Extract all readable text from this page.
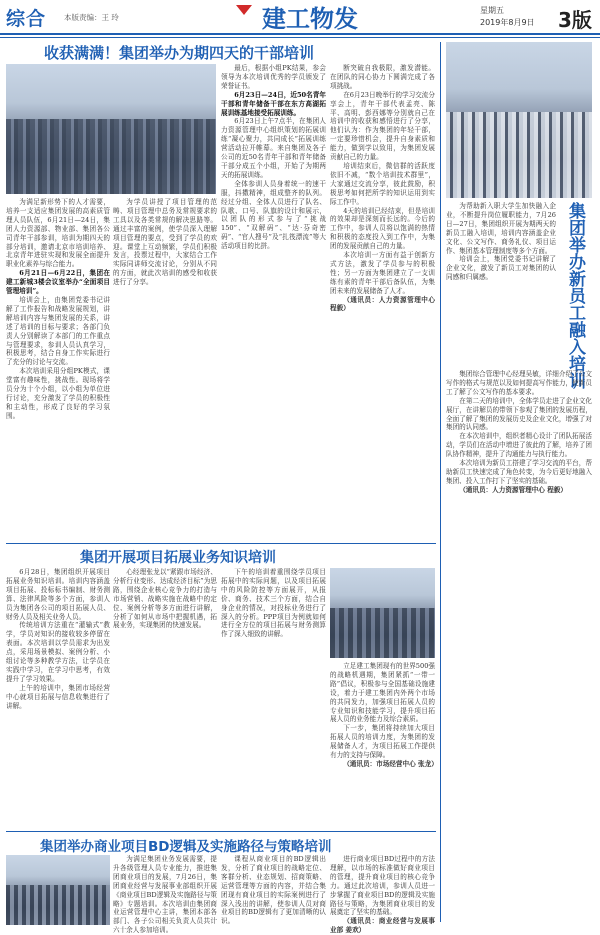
综合 本版责编：王 玲	建工物发	星期五
2019年8月9日 3版
收获满满！集团举办为期四天的干部培训

为满足新形势下的人才需要，培养一支适应集团发展的高素质管理人员队伍，6月21日—24日，集团人力资源部、物业部、集团各公司青年干部参训，培训为期四天的部分培训，邀请北京市培训培养、北京青年进驻实现和发展全面提升职业化素养与综合能力。

6月21日—6月22日，集团在建工新城3楼会议室举办“全面项目管理培训”。

培训会上，由集团党委书记讲解了工作报告和战略发展规划，讲解培训内容与集团发展的关系，讲述了培训的目标与要求；各部门负责人分别解读了本部门的工作重点与管理要求，参训人员认真学习，积极思考，结合自身工作实际进行了充分的讨论与交流。

本次培训采用分组PK模式，课堂富有趣味性，挑战性。现场将学员分为十个小组，以小组为单位进行讨论，充分激发了学员的积极性和主动性，形成了良好的学习氛围。

为学员讲授了项目管理的范畴、项目管理中总务及常规要求的工具以及各类常规的解决思路等。通过丰富的案例，使学员深入理解项目管理的要点，受到了学员的欢迎。课堂上互动频繁，学员们积极发言，投票过程中，大家结合工作实际同讲师交流讨论，分别从不同的方面，就此次培训的感受和收获进行了分享。

最后，根据小组PK结果，参会领导为本次培训优秀的学员颁发了荣誉证书。

6月23日—24日，近50名青年干部和青年储备干部在东方高湖拓展训练基地接受拓展训练。

6月23日上午7点半，在集团人力资源管理中心组织策划的拓展训练“凝心聚力，共同成长”拓展训练营活动拉开帷幕。来自集团及各子公司的近50名青年干部和青年储备干部分成五个小组，开始了为期两天的拓展训练。

全体参训人员身着统一的速干服，抖擞精神，组成整齐的队列。经过分组、全体人员进行了队名、队歌、口号、队旗的设计和展示，以团队的形式参与了“挑战150”、“双解码”、“达·芬奇密码”、“官人搜号”及“扎筏漂流”等大活动项目的比拼。

断突破自我极限，激发潜能。在团队的同心协力下圆满完成了各项挑战。

在6月23日晚举行的学习交流分享会上，青年干部代表孟亮、陈平、高明、彭西娜等分别就自己在培训中的收获和感悟进行了分享，他们认为：作为集团的年轻干部，一定要珍惜机会，提升自身素质和能力，做到学以致用，为集团发展贡献自己的力量。

培训结束后，微信群的活跃度依旧不减，“数个培训技术群里”，大家通过交流分享，彼此鼓励，积极思考如何把所学的知识运用到实际工作中。

4天的培训已经结束，但是培训的效果却是深刻而长远的。今后的工作中，参训人员将以饱满的热情和积极的态度投入到工作中，为集团的发展贡献自己的力量。

本次培训一方面有益于创新方式方法，激发了学员参与的积极性；另一方面为集团建立了一支训练有素的青年干部后备队伍，为集团未来的发展储备了人才。

（通讯员：人力资源管理中心 程毅）	集团举办新员工融入培训

为帮助新入职大学生加快融入企业，不断提升岗位履职能力，7月26日—27日，集团组织开展为期两天的新员工融入培训，培训内容涵盖企业文化、公文写作、商务礼仪、项目运作、集团基本管理制度等多个方面。

培训会上，集团党委书记讲解了企业文化，激发了新员工对集团的认同感和归属感。

集团综合管理中心经理吴敏，详细介绍了公文写作的格式与规范以及如何提高写作能力，使新员工了解了公文写作的基本要求。

在第二天的培训中，全体学员走进了企业文化展厅，在讲解员的带领下参观了集团的发展历程，全面了解了集团的发展历史及企业文化，增强了对集团的认同感。

在本次培训中，组织者精心设计了团队拓展活动，学员们在活动中增进了彼此的了解，培养了团队协作精神，提升了沟通能力与执行能力。

本次培训为新员工搭建了学习交流的平台，帮助新员工快速完成了角色转变，为今后更好地融入集团、投入工作打下了坚实的基础。

（通讯员：人力资源管理中心 程毅）

集团开展项目拓展业务知识培训

6月28日，集团组织开展项目拓展业务知识培训。培训内容涵盖项目拓展、投标标书编制、财务测算、法律风险等多个方面，参训人员为集团各公司的项目拓展人员、财务人员及相关业务人员。

传统培训方法重在“灌输式”教学，学员对知识的接收较多停留在表面。本次培训以学员需求为出发点，采用场景模拟、案例分析、小组讨论等多种教学方法，让学员在实践中学习，在学习中思考，有效提升了学习效果。

上午的培训中，集团市场经营中心就项目拓展与信息收集进行了讲解。

心经理张龙以“紧跟市场经济、分析行业变形、达成经济目标”为思路，围绕企业核心竞争力的打造与市场营销、战略实施在战略中的定位、案例分析等多方面进行讲解，分析了如何从市场中把握机遇，拓展业务，实现集团的快速发展。

下午的培训着重围绕学员项目拓展中的实际问题，以及项目拓展中的风险防控等方面展开，从报价、商务、技术三个方面，结合自身企业的情况，对投标业务进行了深入的分析。PPP项目为例就如何进行全方位的项目拓展与财务测算作了深入细致的讲解。

立足建工集团现有的世界500强的战略机遇期，集团紧抓“一带一路”倡议，积极参与全国基础设施建设，着力于建工集团内外两个市场的共同发力，加强项目拓展人员的专业知识和技能学习，提升项目拓展人员的业务能力及综合素质。

下一步，集团将持续加大项目拓展人员的培训力度，为集团的发展储备人才，为项目拓展工作提供有力的支持与保障。

（通讯员：市场经营中心 张龙）

集团举办商业项目BD逻辑及实施路径与策略培训

为满足集团业务发展需要，提升各级管理人员专业能力，推进集团商业项目的发展，7月26日，集团商业经营与发展事业部组织开展《商业项目BD逻辑及实施路径与策略》专题培训。本次培训由集团商业运营管理中心主讲，集团本部各部门、各子公司相关负责人员共计六十余人参加培训。

课程从商业项目的BD逻辑出发，分析了商业项目的战略定位、客群分析、业态规划、招商策略、运营管理等方面的内容，并结合集团现有商业项目的实际案例进行了深入浅出的讲解，使参训人员对商业项目的BD逻辑有了更加清晰的认识。

进行商业项目BD过程中的方法理解，以市场的标准做好商业项目的管理，提升商业项目的核心竞争力。通过此次培训，参训人员进一步掌握了商业项目BD的逻辑及实施路径与策略，为集团商业项目的发展奠定了坚实的基础。

（通讯员：商业经营与发展事业部 姜欢）
